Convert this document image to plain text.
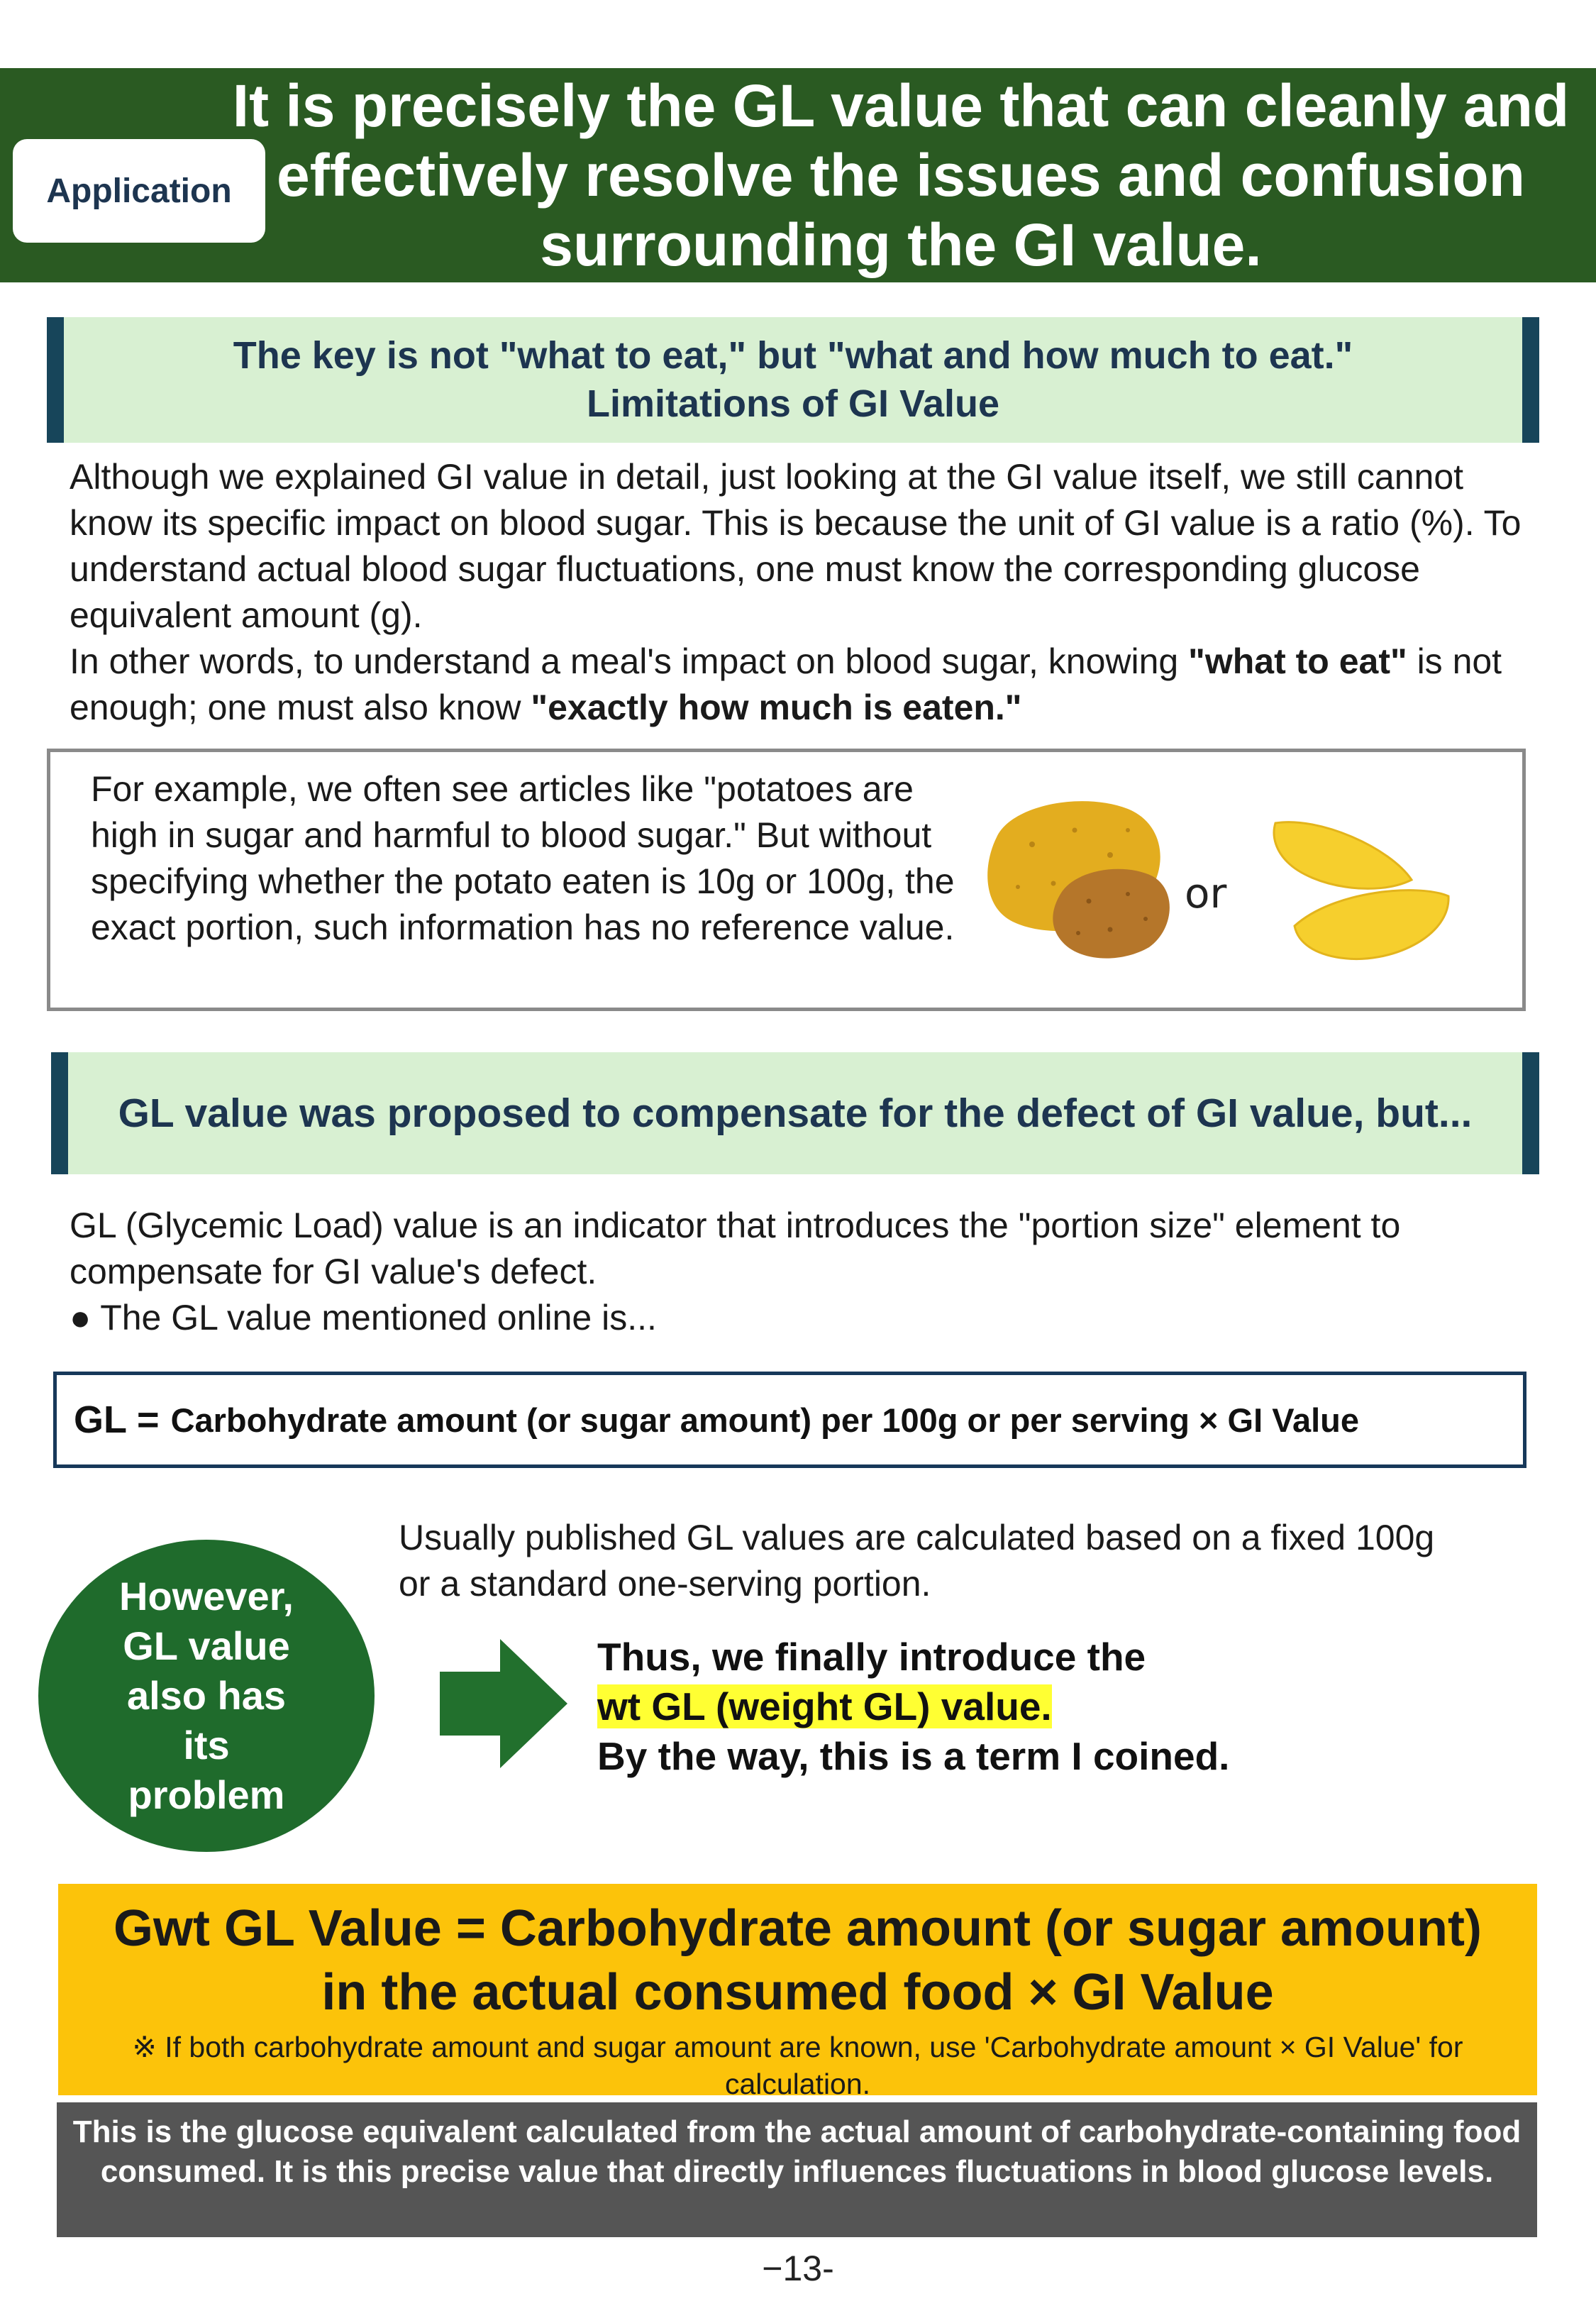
Application
It is precisely the GL value that can cleanly and effectively resolve the issues and confusion surrounding the GI value.
The key is not "what to eat," but "what and how much to eat."
Limitations of GI Value
Although we explained GI value in detail, just looking at the GI value itself, we still cannot know its specific impact on blood sugar. This is because the unit of GI value is a ratio (%). To understand actual blood sugar fluctuations, one must know the corresponding glucose equivalent amount (g).
In other words, to understand a meal's impact on blood sugar, knowing "what to eat" is not enough; one must also know "exactly how much is eaten."
For example, we often see articles like "potatoes are high in sugar and harmful to blood sugar." But without specifying whether the potato eaten is 10g or 100g, the exact portion, such information has no reference value.
or
GL value was proposed to compensate for the defect of GI value, but...
GL (Glycemic Load) value is an indicator that introduces the "portion size" element to compensate for GI value's defect.
● The GL value mentioned online is...
GL = Carbohydrate amount (or sugar amount) per 100g or per serving × GI Value
However,
GL value
also has
its
problem
Usually published GL values are calculated based on a fixed 100g or a standard one-serving portion.
Thus, we finally introduce the
wt GL (weight GL) value.
By the way, this is a term I coined.
Gwt GL Value = Carbohydrate amount (or sugar amount)
in the actual consumed food × GI Value
※ If both carbohydrate amount and sugar amount are known, use 'Carbohydrate amount × GI Value' for calculation.
This is the glucose equivalent calculated from the actual amount of carbohydrate-containing food consumed. It is this precise value that directly influences fluctuations in blood glucose levels.
−13-
